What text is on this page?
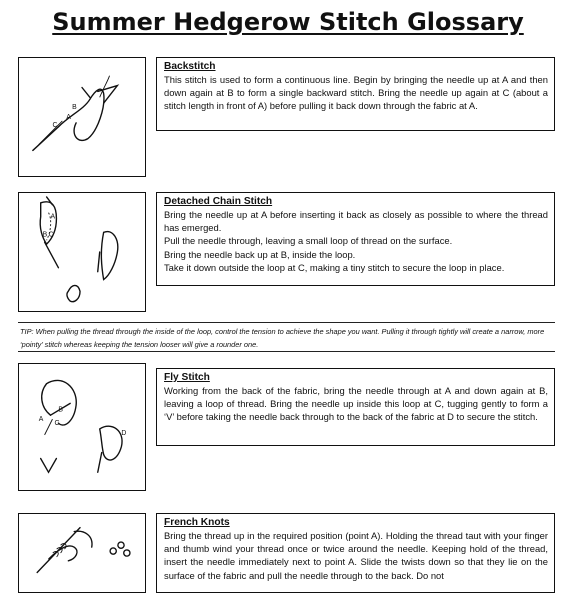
Summer Hedgerow Stitch Glossary
C
A
B
Backstitch

This stitch is used to form a continuous line. Begin by bringing the needle up at A and then down again at B to form a single backward stitch. Bring the needle up again at C (about a stitch length in front of A) before pulling it back down through the fabric at A.

A
B C
Detached Chain Stitch

Bring the needle up at A before inserting it back as closely as possible to where the thread has emerged.

Pull the needle through, leaving a small loop of thread on the surface.

Bring the needle back up at B, inside the loop.

Take it down outside the loop at C, making a tiny stitch to secure the loop in place.

TIP: When pulling the thread through the inside of the loop, control the tension to achieve the shape you want. Pulling it through tightly will create a narrow, more ‘pointy’ stitch whereas keeping the tension looser will give a rounder one.
A
B
C
D
Fly Stitch

Working from the back of the fabric, bring the needle through at A and down again at B, leaving a loop of thread. Bring the needle up inside this loop at C, tugging gently to form a ‘V’ before taking the needle back through to the back of the fabric at D to secure the stitch.

French Knots

Bring the thread up in the required position (point A). Holding the thread taut with your finger and thumb wind your thread once or twice around the needle. Keeping hold of the thread, insert the needle immediately next to point A. Slide the twists down so that they lie on the surface of the fabric and pull the needle through to the back. Do not
